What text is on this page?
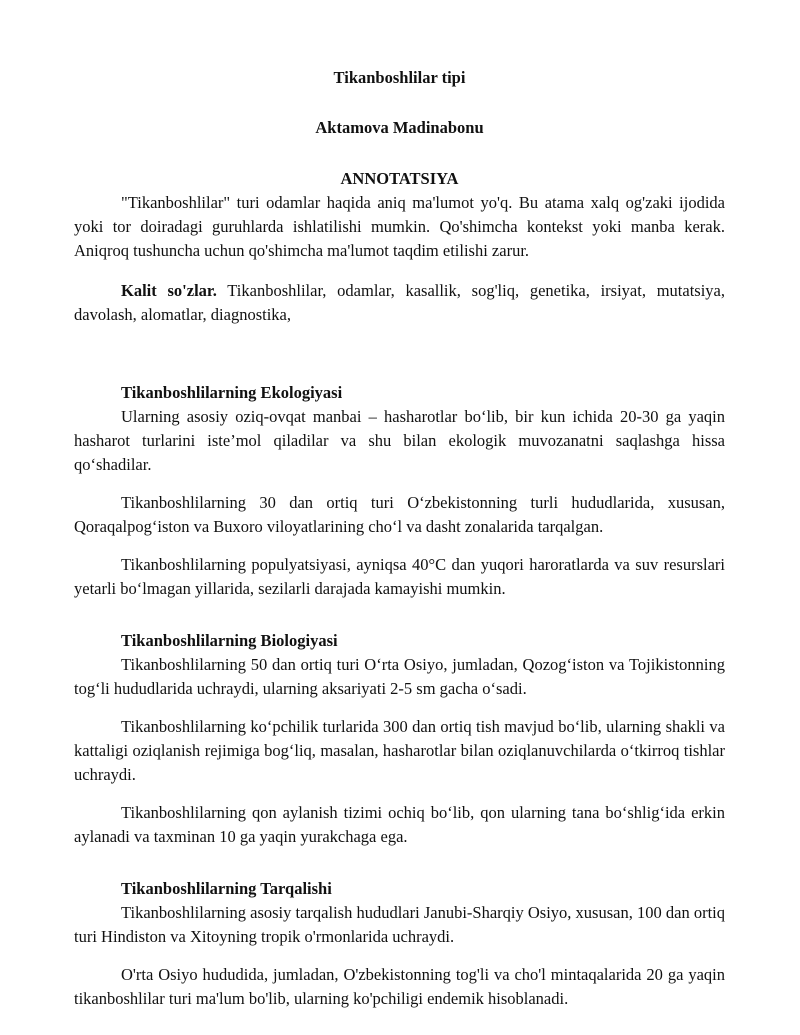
Tikanboshlilar tipi

Aktamova Madinabonu

ANNOTATSIYA

"Tikanboshlilar" turi odamlar haqida aniq ma'lumot yo'q. Bu atama xalq og'zaki ijodida yoki tor doiradagi guruhlarda ishlatilishi mumkin. Qo'shimcha kontekst yoki manba kerak. Aniqroq tushuncha uchun qo'shimcha ma'lumot taqdim etilishi zarur.

Kalit so'zlar. Tikanboshlilar, odamlar, kasallik, sog'liq, genetika, irsiyat, mutatsiya, davolash, alomatlar, diagnostika,

Tikanboshlilarning Ekologiyasi

Ularning asosiy oziq-ovqat manbai – hasharotlar bo‘lib, bir kun ichida 20-30 ga yaqin hasharot turlarini iste’mol qiladilar va shu bilan ekologik muvozanatni saqlashga hissa qo‘shadilar.

Tikanboshlilarning 30 dan ortiq turi O‘zbekistonning turli hududlarida, xususan, Qoraqalpog‘iston va Buxoro viloyatlarining cho‘l va dasht zonalarida tarqalgan.

Tikanboshlilarning populyatsiyasi, ayniqsa 40°C dan yuqori haroratlarda va suv resurslari yetarli bo‘lmagan yillarida, sezilarli darajada kamayishi mumkin.

Tikanboshlilarning Biologiyasi

Tikanboshlilarning 50 dan ortiq turi O‘rta Osiyo, jumladan, Qozog‘iston va Tojikistonning tog‘li hududlarida uchraydi, ularning aksariyati 2-5 sm gacha o‘sadi.

Tikanboshlilarning ko‘pchilik turlarida 300 dan ortiq tish mavjud bo‘lib, ularning shakli va kattaligi oziqlanish rejimiga bog‘liq, masalan, hasharotlar bilan oziqlanuvchilarda o‘tkirroq tishlar uchraydi.

Tikanboshlilarning qon aylanish tizimi ochiq bo‘lib, qon ularning tana bo‘shlig‘ida erkin aylanadi va taxminan 10 ga yaqin yurakchaga ega.

Tikanboshlilarning Tarqalishi

Tikanboshlilarning asosiy tarqalish hududlari Janubi-Sharqiy Osiyo, xususan, 100 dan ortiq turi Hindiston va Xitoyning tropik o'rmonlarida uchraydi.

O'rta Osiyo hududida, jumladan, O'zbekistonning tog'li va cho'l mintaqalarida 20 ga yaqin tikanboshlilar turi ma'lum bo'lib, ularning ko'pchiligi endemik hisoblanadi.
